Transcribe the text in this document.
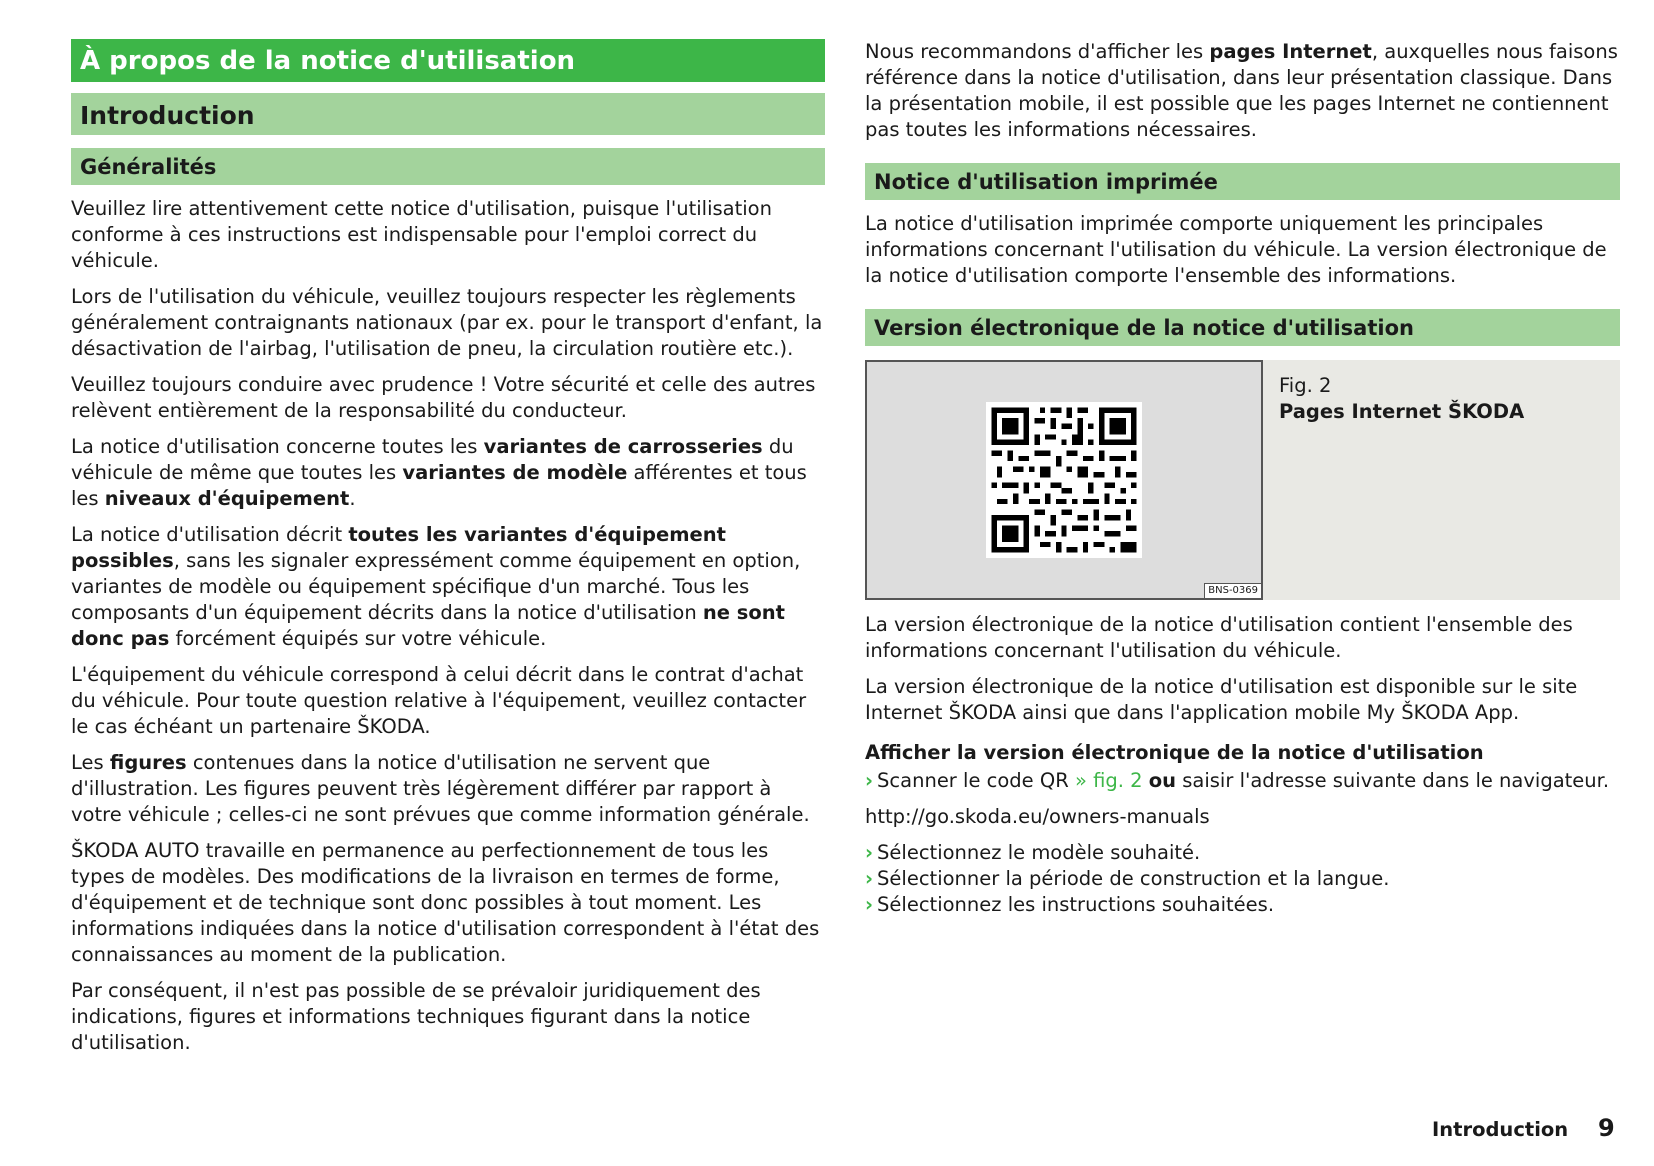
À propos de la notice d'utilisation
Introduction
Généralités

Veuillez lire attentivement cette notice d'utilisation, puisque l'utilisation conforme à ces instructions est indispensable pour l'emploi correct du véhicule.

Lors de l'utilisation du véhicule, veuillez toujours respecter les règlements généralement contraignants nationaux (par ex. pour le transport d'enfant, la désactivation de l'airbag, l'utilisation de pneu, la circulation routière etc.).

Veuillez toujours conduire avec prudence ! Votre sécurité et celle des autres relèvent entièrement de la responsabilité du conducteur.

La notice d'utilisation concerne toutes les variantes de carrosseries du véhicule de même que toutes les variantes de modèle afférentes et tous les niveaux d'équipement.

La notice d'utilisation décrit toutes les variantes d'équipement possibles, sans les signaler expressément comme équipement en option, variantes de modèle ou équipement spécifique d'un marché. Tous les composants d'un équipement décrits dans la notice d'utilisation ne sont donc pas forcément équipés sur votre véhicule.

L'équipement du véhicule correspond à celui décrit dans le contrat d'achat du véhicule. Pour toute question relative à l'équipement, veuillez contacter le cas échéant un partenaire ŠKODA.

Les figures contenues dans la notice d'utilisation ne servent que d'illustration. Les figures peuvent très légèrement différer par rapport à votre véhicule ; celles-ci ne sont prévues que comme information générale.

ŠKODA AUTO travaille en permanence au perfectionnement de tous les types de modèles. Des modifications de la livraison en termes de forme, d'équipement et de technique sont donc possibles à tout moment. Les informations indiquées dans la notice d'utilisation correspondent à l'état des connaissances au moment de la publication.

Par conséquent, il n'est pas possible de se prévaloir juridiquement des indications, figures et informations techniques figurant dans la notice d'utilisation.

Nous recommandons d'afficher les pages Internet, auxquelles nous faisons référence dans la notice d'utilisation, dans leur présentation classique. Dans la présentation mobile, il est possible que les pages Internet ne contiennent pas toutes les informations nécessaires.

Notice d'utilisation imprimée

La notice d'utilisation imprimée comporte uniquement les principales informations concernant l'utilisation du véhicule. La version électronique de la notice d'utilisation comporte l'ensemble des informations.

Version électronique de la notice d'utilisation
BNS-0369
Fig. 2
Pages Internet ŠKODA

La version électronique de la notice d'utilisation contient l'ensemble des informations concernant l'utilisation du véhicule.

La version électronique de la notice d'utilisation est disponible sur le site Internet ŠKODA ainsi que dans l'application mobile My ŠKODA App.

Afficher la version électronique de la notice d'utilisation

› Scanner le code QR » fig. 2 ou saisir l'adresse suivante dans le navigateur.

http://go.skoda.eu/owners-manuals

› Sélectionnez le modèle souhaité.

› Sélectionner la période de construction et la langue.

› Sélectionnez les instructions souhaitées.

Introduction 9
